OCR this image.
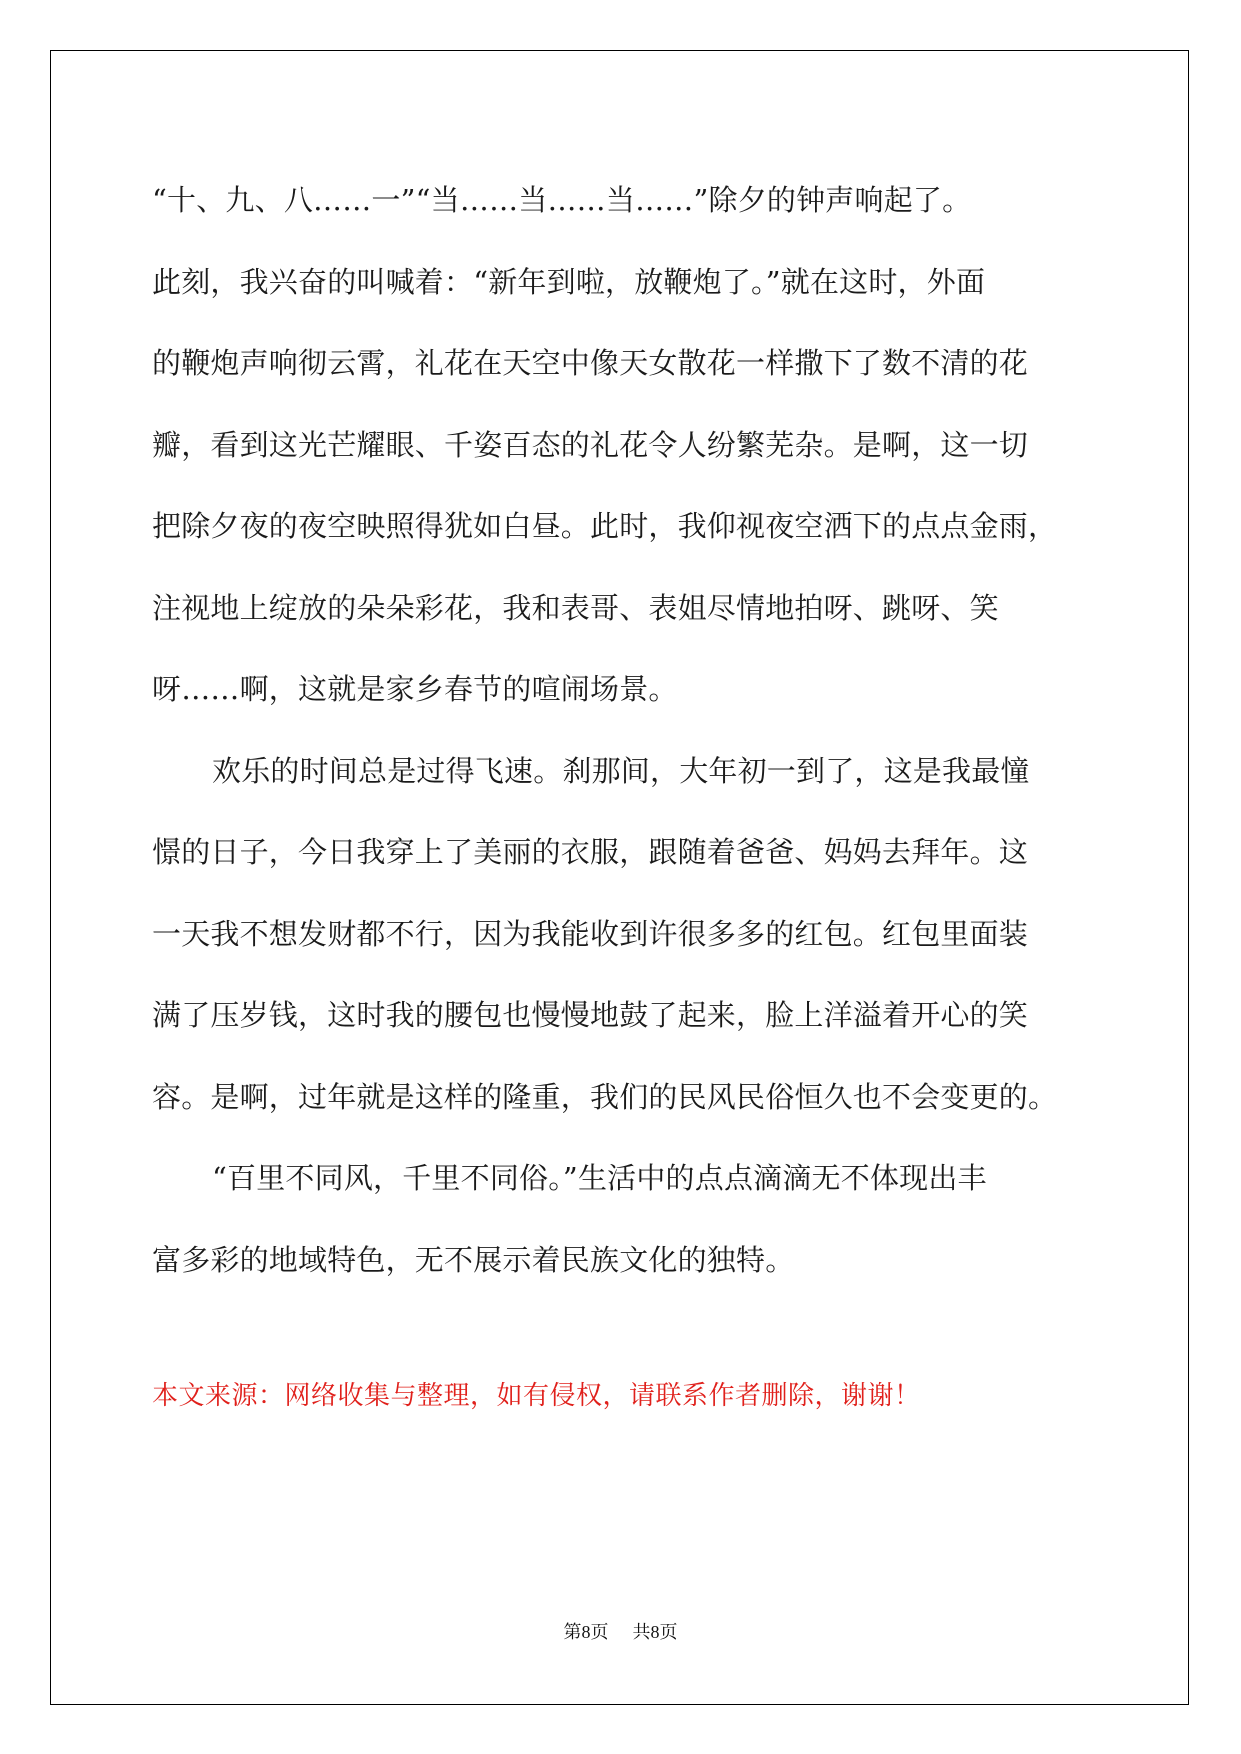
“十、九、八……一”“当……当……当……”除夕的钟声响起了。
此刻，我兴奋的叫喊着：“新年到啦，放鞭炮了。”就在这时，外面
的鞭炮声响彻云霄，礼花在天空中像天女散花一样撒下了数不清的花
瓣，看到这光芒耀眼、千姿百态的礼花令人纷繁芜杂。是啊，这一切
把除夕夜的夜空映照得犹如白昼。此时，我仰视夜空洒下的点点金雨，
注视地上绽放的朵朵彩花，我和表哥、表姐尽情地拍呀、跳呀、笑
呀……啊，这就是家乡春节的喧闹场景。
欢乐的时间总是过得飞速。刹那间，大年初一到了，这是我最憧
憬的日子，今日我穿上了美丽的衣服，跟随着爸爸、妈妈去拜年。这
一天我不想发财都不行，因为我能收到许很多多的红包。红包里面装
满了压岁钱，这时我的腰包也慢慢地鼓了起来，脸上洋溢着开心的笑
容。是啊，过年就是这样的隆重，我们的民风民俗恒久也不会变更的。
“百里不同风，千里不同俗。”生活中的点点滴滴无不体现出丰
富多彩的地域特色，无不展示着民族文化的独特。
本文来源：网络收集与整理，如有侵权，请联系作者删除，谢谢！
第8页 共8页
